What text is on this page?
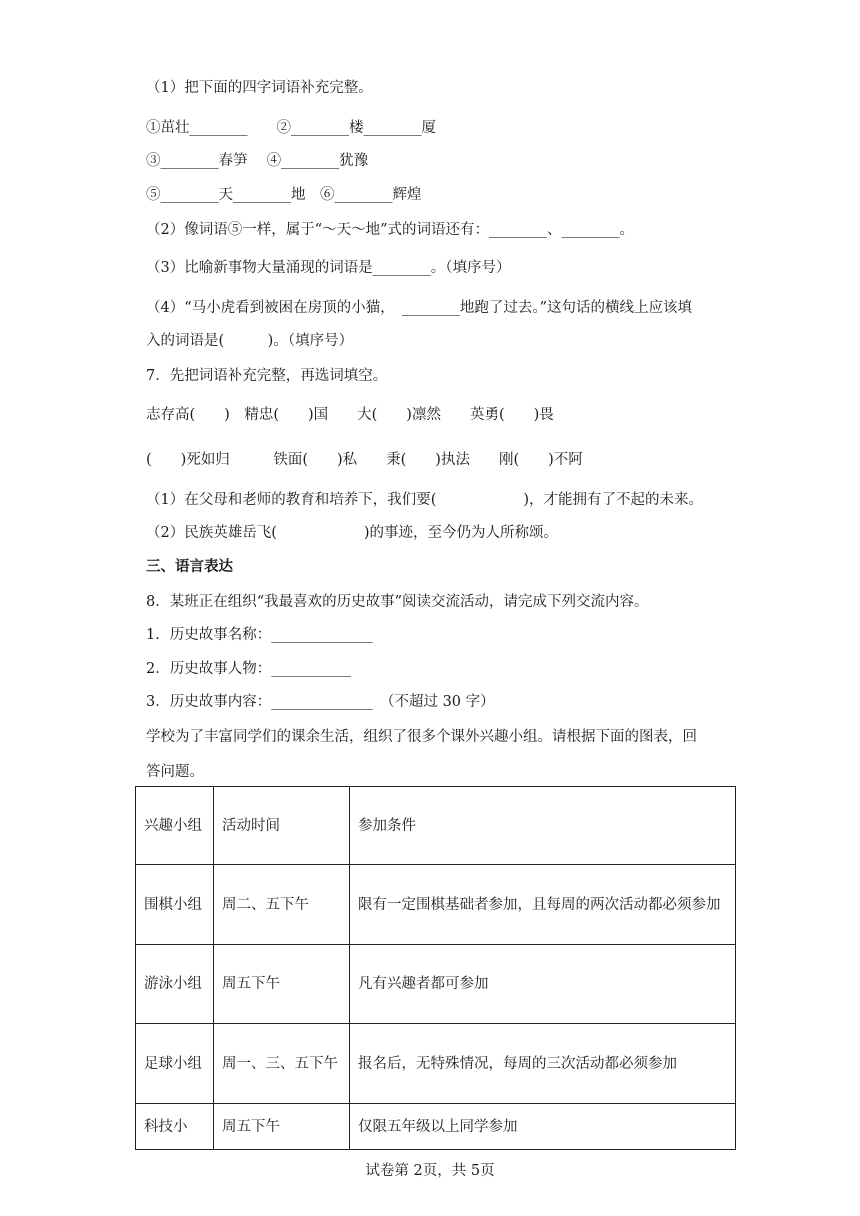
（1）把下面的四字词语补充完整。
①茁壮________　　②________楼________厦
③________春笋　 ④________犹豫
⑤________天________地　⑥________辉煌
（2）像词语⑤一样，属于“～天～地”式的词语还有：________、________。
（3）比喻新事物大量涌现的词语是________。（填序号）
（4）“马小虎看到被困在房顶的小猫，　________地跑了过去。”这句话的横线上应该填
入的词语是(　　　)。（填序号）
7．先把词语补充完整，再选词填空。
志存高(　　)　精忠(　　)国　　大(　　)凛然　　英勇(　　)畏
(　　)死如归　　　铁面(　　)私　　秉(　　)执法　　刚(　　)不阿
（1）在父母和老师的教育和培养下，我们要(　　　　　　)，才能拥有了不起的未来。
（2）民族英雄岳飞(　　　　　　)的事迹，至今仍为人所称颂。
三、语言表达
8．某班正在组织“我最喜欢的历史故事”阅读交流活动，请完成下列交流内容。
1．历史故事名称：______________
2．历史故事人物：___________
3．历史故事内容：______________　（不超过 30 字）
学校为了丰富同学们的课余生活，组织了很多个课外兴趣小组。请根据下面的图表，回
答问题。
兴趣小组	活动时间	参加条件
围棋小组	周二、五下午	限有一定围棋基础者参加，且每周的两次活动都必须参加
游泳小组	周五下午	凡有兴趣者都可参加
足球小组	周一、三、五下午	报名后，无特殊情况，每周的三次活动都必须参加
科技小	周五下午	仅限五年级以上同学参加
试卷第 2页，共 5页
